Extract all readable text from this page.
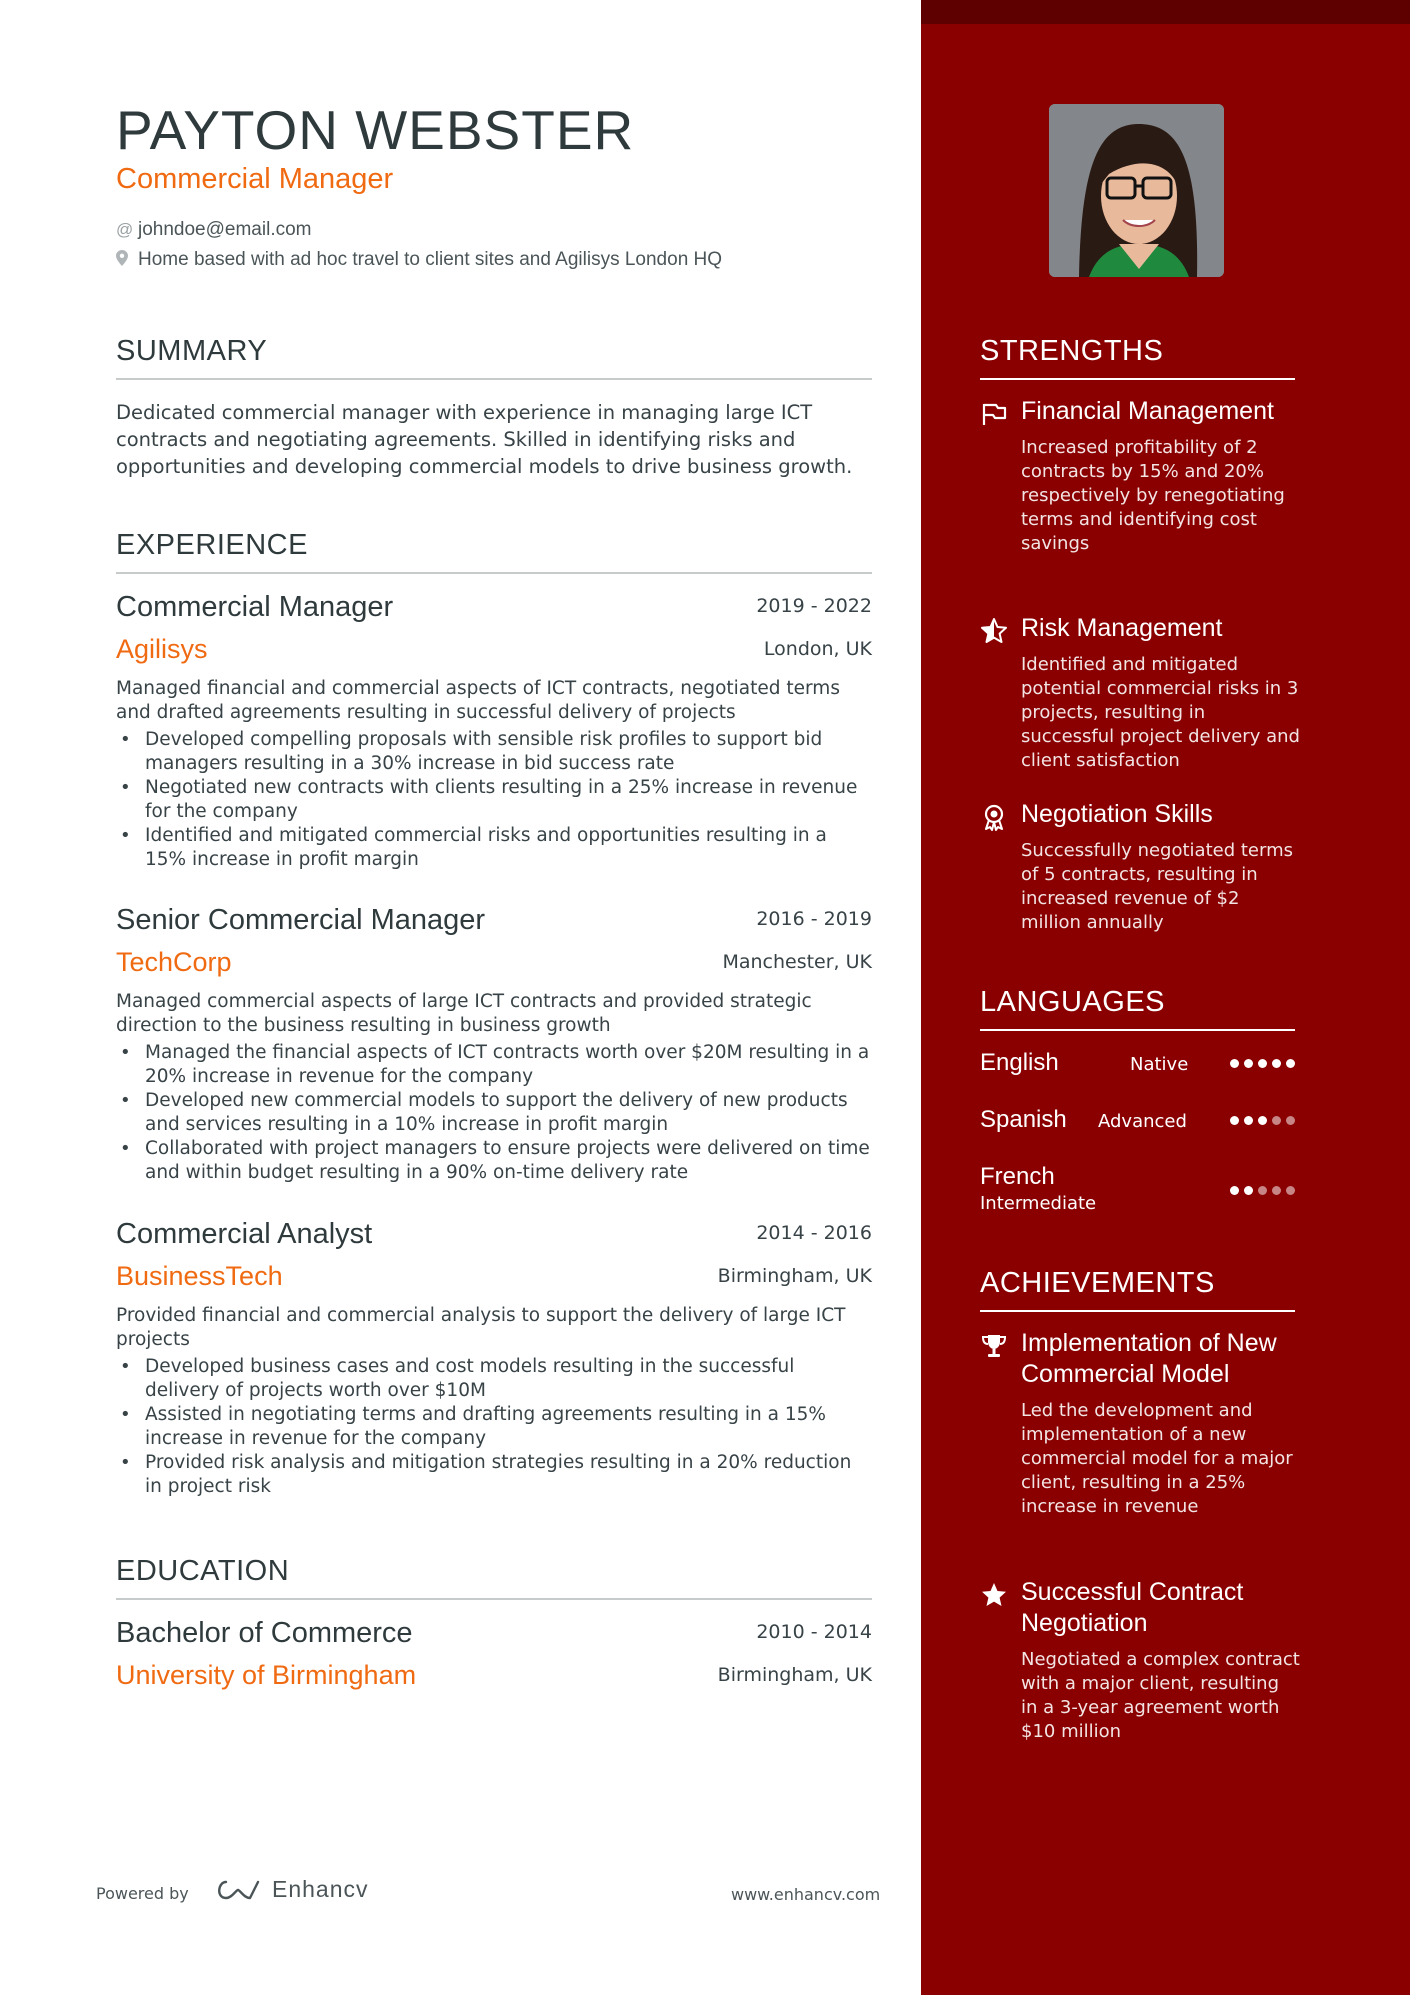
PAYTON WEBSTER
Commercial Manager
@ johndoe@email.com
Home based with ad hoc travel to client sites and Agilisys London HQ
SUMMARY
Dedicated commercial manager with experience in managing large ICT contracts and negotiating agreements. Skilled in identifying risks and opportunities and developing commercial models to drive business growth.
EXPERIENCE
Commercial Manager	2019 - 2022
Agilisys	London, UK
Managed financial and commercial aspects of ICT contracts, negotiated terms and drafted agreements resulting in successful delivery of projects
• Developed compelling proposals with sensible risk profiles to support bid managers resulting in a 30% increase in bid success rate
• Negotiated new contracts with clients resulting in a 25% increase in revenue for the company
• Identified and mitigated commercial risks and opportunities resulting in a 15% increase in profit margin
Senior Commercial Manager	2016 - 2019
TechCorp	Manchester, UK
Managed commercial aspects of large ICT contracts and provided strategic direction to the business resulting in business growth
• Managed the financial aspects of ICT contracts worth over $20M resulting in a 20% increase in revenue for the company
• Developed new commercial models to support the delivery of new products and services resulting in a 10% increase in profit margin
• Collaborated with project managers to ensure projects were delivered on time and within budget resulting in a 90% on-time delivery rate
Commercial Analyst	2014 - 2016
BusinessTech	Birmingham, UK
Provided financial and commercial analysis to support the delivery of large ICT projects
• Developed business cases and cost models resulting in the successful delivery of projects worth over $10M
• Assisted in negotiating terms and drafting agreements resulting in a 15% increase in revenue for the company
• Provided risk analysis and mitigation strategies resulting in a 20% reduction in project risk
EDUCATION
Bachelor of Commerce	2010 - 2014
University of Birmingham	Birmingham, UK
Powered by	Enhancv	www.enhancv.com
STRENGTHS
Financial Management
Increased profitability of 2 contracts by 15% and 20% respectively by renegotiating terms and identifying cost savings
Risk Management
Identified and mitigated potential commercial risks in 3 projects, resulting in successful project delivery and client satisfaction
Negotiation Skills
Successfully negotiated terms of 5 contracts, resulting in increased revenue of $2 million annually
LANGUAGES
English	Native
Spanish Advanced
French
Intermediate
ACHIEVEMENTS
Implementation of New Commercial Model
Led the development and implementation of a new commercial model for a major client, resulting in a 25% increase in revenue
Successful Contract Negotiation
Negotiated a complex contract with a major client, resulting in a 3-year agreement worth $10 million
